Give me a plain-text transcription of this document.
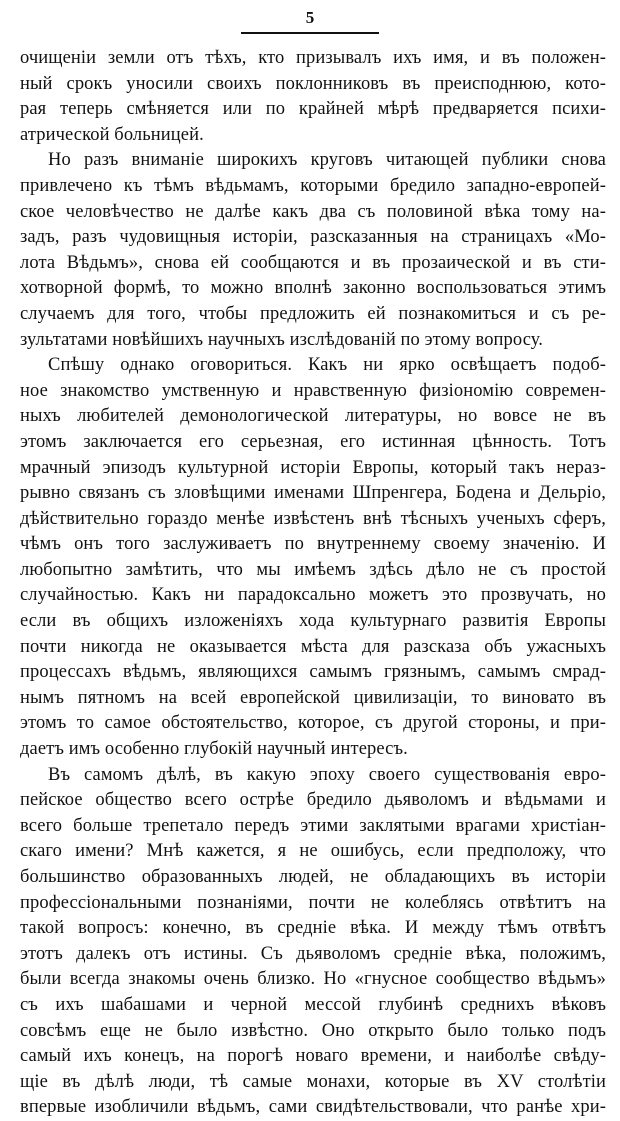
5
очищеніи земли отъ тѣхъ, кто призывалъ ихъ имя, и въ положен-
ный срокъ уносили своихъ поклонниковъ въ преисподнюю, кото-
рая теперь смѣняется или по крайней мѣрѣ предваряется психи-
атрической больницей.
Но разъ вниманіе широкихъ круговъ читающей публики снова
привлечено къ тѣмъ вѣдьмамъ, которыми бредило западно-европей-
ское человѣчество не далѣе какъ два съ половиной вѣка тому на-
задъ, разъ чудовищныя исторіи, разсказанныя на страницахъ «Мо-
лота Вѣдьмъ», снова ей сообщаются и въ прозаической и въ сти-
хотворной формѣ, то можно вполнѣ законно воспользоваться этимъ
случаемъ для того, чтобы предложить ей познакомиться и съ ре-
зультатами новѣйшихъ научныхъ изслѣдованій по этому вопросу.
Спѣшу однако оговориться. Какъ ни ярко освѣщаетъ подоб-
ное знакомство умственную и нравственную физіономію современ-
ныхъ любителей демонологической литературы, но вовсе не въ
этомъ заключается его серьезная, его истинная цѣнность. Тотъ
мрачный эпизодъ культурной исторіи Европы, который такъ нераз-
рывно связанъ съ зловѣщими именами Шпренгера, Бодена и Дельріо,
дѣйствительно гораздо менѣе извѣстенъ внѣ тѣсныхъ ученыхъ сферъ,
чѣмъ онъ того заслуживаетъ по внутреннему своему значенію. И
любопытно замѣтить, что мы имѣемъ здѣсь дѣло не съ простой
случайностью. Какъ ни парадоксально можетъ это прозвучать, но
если въ общихъ изложеніяхъ хода культурнаго развитія Европы
почти никогда не оказывается мѣста для разсказа объ ужасныхъ
процессахъ вѣдьмъ, являющихся самымъ грязнымъ, самымъ смрад-
нымъ пятномъ на всей европейской цивилизаціи, то виновато въ
этомъ то самое обстоятельство, которое, съ другой стороны, и при-
даетъ имъ особенно глубокій научный интересъ.
Въ самомъ дѣлѣ, въ какую эпоху своего существованія евро-
пейское общество всего острѣе бредило дьяволомъ и вѣдьмами и
всего больше трепетало передъ этими заклятыми врагами христіан-
скаго имени? Мнѣ кажется, я не ошибусь, если предположу, что
большинство образованныхъ людей, не обладающихъ въ исторіи
профессіональными познаніями, почти не колеблясь отвѣтитъ на
такой вопросъ: конечно, въ средніе вѣка. И между тѣмъ отвѣтъ
этотъ далекъ отъ истины. Съ дьяволомъ средніе вѣка, положимъ,
были всегда знакомы очень близко. Но «гнусное сообщество вѣдьмъ»
съ ихъ шабашами и черной мессой глубинѣ среднихъ вѣковъ
совсѣмъ еще не было извѣстно. Оно открыто было только подъ
самый ихъ конецъ, на порогѣ новаго времени, и наиболѣе свѣду-
щіе въ дѣлѣ люди, тѣ самые монахи, которые въ XV столѣтіи
впервые изобличили вѣдьмъ, сами свидѣтельствовали, что ранѣе хри-
